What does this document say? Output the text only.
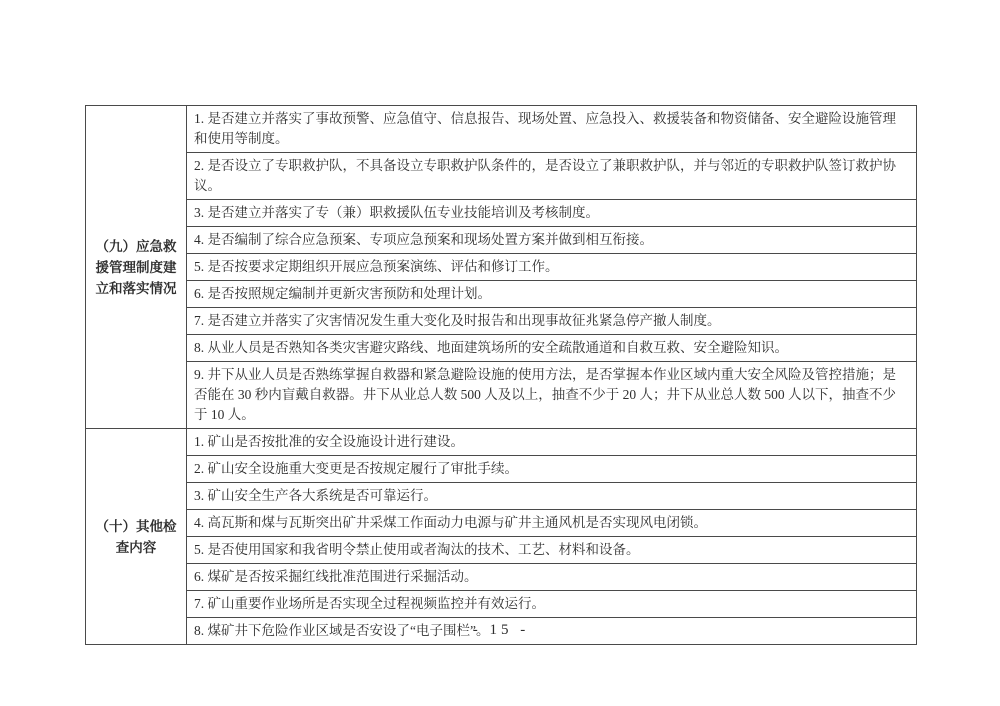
（九）应急救援管理制度建立和落实情况
1. 是否建立并落实了事故预警、应急值守、信息报告、现场处置、应急投入、救援装备和物资储备、安全避险设施管理和使用等制度。
2. 是否设立了专职救护队，不具备设立专职救护队条件的，是否设立了兼职救护队，并与邻近的专职救护队签订救护协议。
3. 是否建立并落实了专（兼）职救援队伍专业技能培训及考核制度。
4. 是否编制了综合应急预案、专项应急预案和现场处置方案并做到相互衔接。
5. 是否按要求定期组织开展应急预案演练、评估和修订工作。
6. 是否按照规定编制并更新灾害预防和处理计划。
7. 是否建立并落实了灾害情况发生重大变化及时报告和出现事故征兆紧急停产撤人制度。
8. 从业人员是否熟知各类灾害避灾路线、地面建筑场所的安全疏散通道和自救互救、安全避险知识。
9. 井下从业人员是否熟练掌握自救器和紧急避险设施的使用方法，是否掌握本作业区域内重大安全风险及管控措施；是否能在 30 秒内盲戴自救器。井下从业总人数 500 人及以上，抽查不少于 20 人；井下从业总人数 500 人以下，抽查不少于 10 人。
（十）其他检查内容
1. 矿山是否按批准的安全设施设计进行建设。
2. 矿山安全设施重大变更是否按规定履行了审批手续。
3. 矿山安全生产各大系统是否可靠运行。
4. 高瓦斯和煤与瓦斯突出矿井采煤工作面动力电源与矿井主通风机是否实现风电闭锁。
5. 是否使用国家和我省明令禁止使用或者淘汰的技术、工艺、材料和设备。
6. 煤矿是否按采掘红线批准范围进行采掘活动。
7. 矿山重要作业场所是否实现全过程视频监控并有效运行。
8. 煤矿井下危险作业区域是否安设了“电子围栏”。
- 15 -
